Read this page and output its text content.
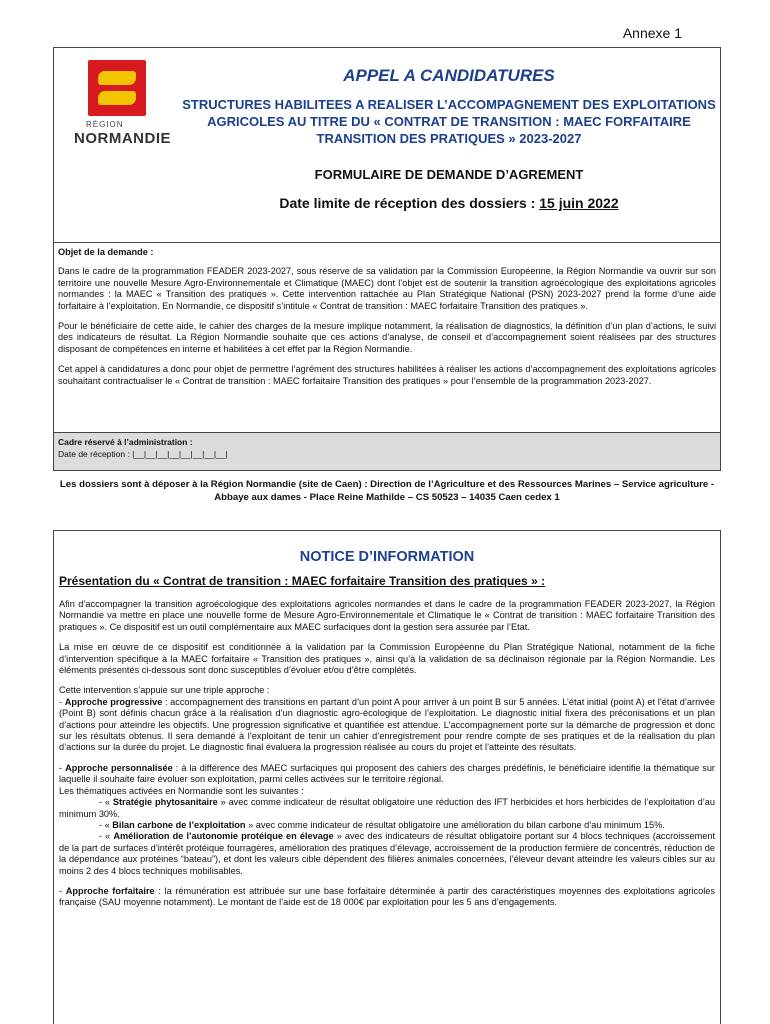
Annexe 1
RÉGION
NORMANDIE

APPEL A CANDIDATURES

STRUCTURES HABILITEES A REALISER L’ACCOMPAGNEMENT DES EXPLOITATIONS AGRICOLES AU TITRE DU « CONTRAT DE TRANSITION : MAEC FORFAITAIRE TRANSITION DES PRATIQUES » 2023-2027

FORMULAIRE DE DEMANDE D’AGREMENT
Date limite de réception des dossiers : 15 juin 2022

Objet de la demande :

Dans le cadre de la programmation FEADER 2023-2027, sous réserve de sa validation par la Commission Européenne, la Région Normandie va ouvrir sur son territoire une nouvelle Mesure Agro-Environnementale et Climatique (MAEC) dont l’objet est de soutenir la transition agroécologique des exploitations agricoles normandes : la MAEC « Transition des pratiques ». Cette intervention rattachée au Plan Stratégique National (PSN) 2023-2027 prend la forme d’une aide forfaitaire à l’exploitation. En Normandie, ce dispositif s’intitule « Contrat de transition : MAEC forfaitaire Transition des pratiques ».

Pour le bénéficiaire de cette aide, le cahier des charges de la mesure implique notamment, la réalisation de diagnostics, la définition d’un plan d’actions, le suivi des indicateurs de résultat. La Région Normandie souhaite que ces actions d’analyse, de conseil et d’accompagnement soient réalisées par des structures disposant de compétences en interne et habilitées à cet effet par la Région Normandie.

Cet appel à candidatures a donc pour objet de permettre l’agrément des structures habilitées à réaliser les actions d’accompagnement des exploitations agricoles souhaitant contractualiser le « Contrat de transition : MAEC forfaitaire Transition des pratiques » pour l’ensemble de la programmation 2023-2027.

Cadre réservé à l’administration :
Date de réception : |__|__|__|__|__|__|__|__|
Les dossiers sont à déposer à la Région Normandie (site de Caen) : Direction de l’Agriculture et des Ressources Marines – Service agriculture - Abbaye aux dames - Place Reine Mathilde – CS 50523 – 14035 Caen cedex 1
NOTICE D’INFORMATION
Présentation du « Contrat de transition : MAEC forfaitaire Transition des pratiques » :

Afin d’accompagner la transition agroécologique des exploitations agricoles normandes et dans le cadre de la programmation FEADER 2023-2027, la Région Normandie va mettre en place une nouvelle forme de Mesure Agro-Environnementale et Climatique le « Contrat de transition : MAEC forfaitaire Transition des pratiques ». Ce dispositif est un outil complémentaire aux MAEC surfaciques dont la gestion sera assurée par l’Etat.

La mise en œuvre de ce dispositif est conditionnée à la validation par la Commission Européenne du Plan Stratégique National, notamment de la fiche d’intervention spécifique à la MAEC forfaitaire « Transition des pratiques », ainsi qu’à la validation de sa déclinaison régionale par la Région Normandie. Les éléments présentés ci-dessous sont donc susceptibles d’évoluer et/ou d’être complétés.

Cette intervention s’appuie sur une triple approche :

- Approche progressive : accompagnement des transitions en partant d’un point A pour arriver à un point B sur 5 années. L’état initial (point A) et l’état d’arrivée (Point B) sont définis chacun grâce à la réalisation d’un diagnostic agro-écologique de l’exploitation. Le diagnostic initial fixera des préconisations et un plan d’actions pour atteindre les objectifs. Une progression significative et quantifiée est attendue. L’accompagnement porte sur la démarche de progression et donc sur les résultats obtenus. Il sera demandé à l’exploitant de tenir un cahier d’enregistrement pour rendre compte de ses pratiques et de la réalisation du plan d’actions sur la durée du projet. Le diagnostic final évaluera la progression réalisée au cours du projet et l’atteinte des résultats.

- Approche personnalisée : à la différence des MAEC surfaciques qui proposent des cahiers des charges prédéfinis, le bénéficiaire identifie la thématique sur laquelle il souhaite faire évoluer son exploitation, parmi celles activées sur le territoire régional.

Les thématiques activées en Normandie sont les suivantes :

- « Stratégie phytosanitaire » avec comme indicateur de résultat obligatoire une réduction des IFT herbicides et hors herbicides de l’exploitation d’au minimum 30%.

- « Bilan carbone de l’exploitation » avec comme indicateur de résultat obligatoire une amélioration du bilan carbone d’au minimum 15%.

- « Amélioration de l’autonomie protéique en élevage » avec des indicateurs de résultat obligatoire portant sur 4 blocs techniques (accroissement de la part de surfaces d’intérêt protéique fourragères, amélioration des pratiques d’élevage, accroissement de la production fermière de concentrés, réduction de la dépendance aux protéines “bateau”), et dont les valeurs cible dépendent des filières animales concernées, l’éleveur devant atteindre les valeurs cibles sur au moins 2 des 4 blocs techniques mobilisables.

- Approche forfaitaire : la rémunération est attribuée sur une base forfaitaire déterminée à partir des caractéristiques moyennes des exploitations agricoles française (SAU moyenne notamment). Le montant de l’aide est de 18 000€ par exploitation pour les 5 ans d’engagements.
